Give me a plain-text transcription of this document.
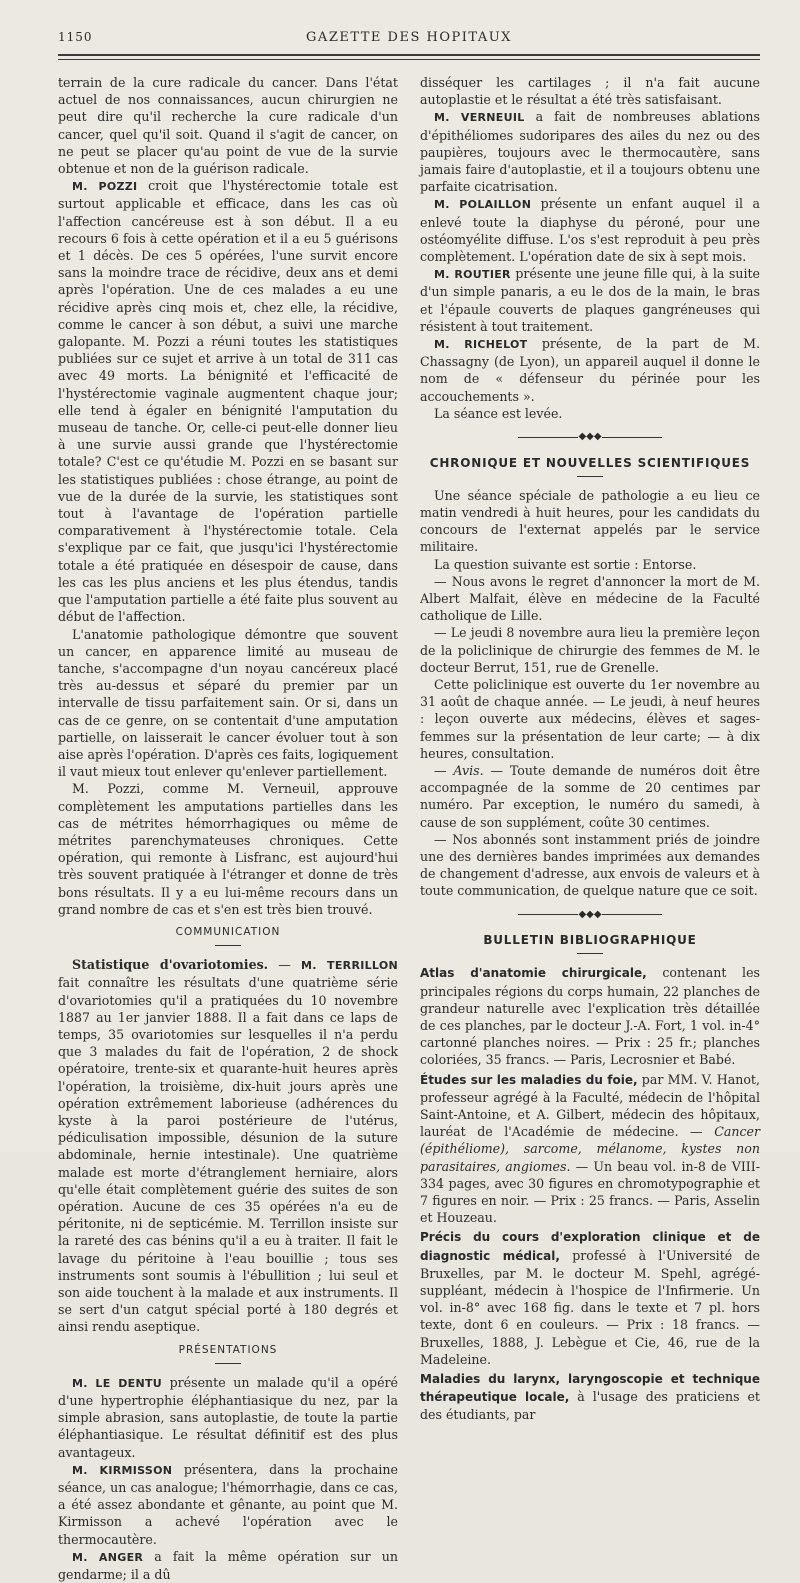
1150	GAZETTE DES HOPITAUX

terrain de la cure radicale du cancer. Dans l'état actuel de nos connaissances, aucun chirurgien ne peut dire qu'il recherche la cure radicale d'un cancer, quel qu'il soit. Quand il s'agit de cancer, on ne peut se placer qu'au point de vue de la survie obtenue et non de la guérison radicale.

M. POZZI croit que l'hystérectomie totale est surtout applicable et efficace, dans les cas où l'affection cancéreuse est à son début. Il a eu recours 6 fois à cette opération et il a eu 5 guérisons et 1 décès. De ces 5 opérées, l'une survit encore sans la moindre trace de récidive, deux ans et demi après l'opération. Une de ces malades a eu une récidive après cinq mois et, chez elle, la récidive, comme le cancer à son début, a suivi une marche galopante. M. Pozzi a réuni toutes les statistiques publiées sur ce sujet et arrive à un total de 311 cas avec 49 morts. La bénignité et l'efficacité de l'hystérectomie vaginale augmentent chaque jour; elle tend à égaler en bénignité l'amputation du museau de tanche. Or, celle-ci peut-elle donner lieu à une survie aussi grande que l'hystérectomie totale? C'est ce qu'étudie M. Pozzi en se basant sur les statistiques publiées : chose étrange, au point de vue de la durée de la survie, les statistiques sont tout à l'avantage de l'opération partielle comparativement à l'hystérectomie totale. Cela s'explique par ce fait, que jusqu'ici l'hystérectomie totale a été pratiquée en désespoir de cause, dans les cas les plus anciens et les plus étendus, tandis que l'amputation partielle a été faite plus souvent au début de l'affection.

L'anatomie pathologique démontre que souvent un cancer, en apparence limité au museau de tanche, s'accompagne d'un noyau cancéreux placé très au-dessus et séparé du premier par un intervalle de tissu parfaitement sain. Or si, dans un cas de ce genre, on se contentait d'une amputation partielle, on laisserait le cancer évoluer tout à son aise après l'opération. D'après ces faits, logiquement il vaut mieux tout enlever qu'enlever partiellement.

M. Pozzi, comme M. Verneuil, approuve complètement les amputations partielles dans les cas de métrites hémorrhagiques ou même de métrites parenchymateuses chroniques. Cette opération, qui remonte à Lisfranc, est aujourd'hui très souvent pratiquée à l'étranger et donne de très bons résultats. Il y a eu lui-même recours dans un grand nombre de cas et s'en est très bien trouvé.

COMMUNICATION

Statistique d'ovariotomies. — M. TERRILLON fait connaître les résultats d'une quatrième série d'ovariotomies qu'il a pratiquées du 10 novembre 1887 au 1er janvier 1888. Il a fait dans ce laps de temps, 35 ovariotomies sur lesquelles il n'a perdu que 3 malades du fait de l'opération, 2 de shock opératoire, trente-six et quarante-huit heures après l'opération, la troisième, dix-huit jours après une opération extrêmement laborieuse (adhérences du kyste à la paroi postérieure de l'utérus, pédiculisation impossible, désunion de la suture abdominale, hernie intestinale). Une quatrième malade est morte d'étranglement herniaire, alors qu'elle était complètement guérie des suites de son opération. Aucune de ces 35 opérées n'a eu de péritonite, ni de septicémie. M. Terrillon insiste sur la rareté des cas bénins qu'il a eu à traiter. Il fait le lavage du péritoine à l'eau bouillie ; tous ses instruments sont soumis à l'ébullition ; lui seul et son aide touchent à la malade et aux instruments. Il se sert d'un catgut spécial porté à 180 degrés et ainsi rendu aseptique.

PRÉSENTATIONS

M. LE DENTU présente un malade qu'il a opéré d'une hypertrophie éléphantiasique du nez, par la simple abrasion, sans autoplastie, de toute la partie éléphantiasique. Le résultat définitif est des plus avantageux.

M. KIRMISSON présentera, dans la prochaine séance, un cas analogue; l'hémorrhagie, dans ce cas, a été assez abondante et gênante, au point que M. Kirmisson a achevé l'opération avec le thermocautère.

M. ANGER a fait la même opération sur un gendarme; il a dû

disséquer les cartilages ; il n'a fait aucune autoplastie et le résultat a été très satisfaisant.

M. VERNEUIL a fait de nombreuses ablations d'épithéliomes sudoripares des ailes du nez ou des paupières, toujours avec le thermocautère, sans jamais faire d'autoplastie, et il a toujours obtenu une parfaite cicatrisation.

M. POLAILLON présente un enfant auquel il a enlevé toute la diaphyse du péroné, pour une ostéomyélite diffuse. L'os s'est reproduit à peu près complètement. L'opération date de six à sept mois.

M. ROUTIER présente une jeune fille qui, à la suite d'un simple panaris, a eu le dos de la main, le bras et l'épaule couverts de plaques gangréneuses qui résistent à tout traitement.

M. RICHELOT présente, de la part de M. Chassagny (de Lyon), un appareil auquel il donne le nom de « défenseur du périnée pour les accouchements ».

La séance est levée.

◆◆◆
CHRONIQUE ET NOUVELLES SCIENTIFIQUES

Une séance spéciale de pathologie a eu lieu ce matin vendredi à huit heures, pour les candidats du concours de l'externat appelés par le service militaire.

La question suivante est sortie : Entorse.

— Nous avons le regret d'annoncer la mort de M. Albert Malfait, élève en médecine de la Faculté catholique de Lille.

— Le jeudi 8 novembre aura lieu la première leçon de la policlinique de chirurgie des femmes de M. le docteur Berrut, 151, rue de Grenelle.

Cette policlinique est ouverte du 1er novembre au 31 août de chaque année. — Le jeudi, à neuf heures : leçon ouverte aux médecins, élèves et sages-femmes sur la présentation de leur carte; — à dix heures, consultation.

— Avis. — Toute demande de numéros doit être accompagnée de la somme de 20 centimes par numéro. Par exception, le numéro du samedi, à cause de son supplément, coûte 30 centimes.

— Nos abonnés sont instamment priés de joindre une des dernières bandes imprimées aux demandes de changement d'adresse, aux envois de valeurs et à toute communication, de quelque nature que ce soit.

◆◆◆
BULLETIN BIBLIOGRAPHIQUE

Atlas d'anatomie chirurgicale, contenant les principales régions du corps humain, 22 planches de grandeur naturelle avec l'explication très détaillée de ces planches, par le docteur J.-A. Fort, 1 vol. in-4° cartonné planches noires. — Prix : 25 fr.; planches coloriées, 35 francs. — Paris, Lecrosnier et Babé.

Études sur les maladies du foie, par MM. V. Hanot, professeur agrégé à la Faculté, médecin de l'hôpital Saint-Antoine, et A. Gilbert, médecin des hôpitaux, lauréat de l'Académie de médecine. — Cancer (épithéliome), sarcome, mélanome, kystes non parasitaires, angiomes. — Un beau vol. in-8 de VIII-334 pages, avec 30 figures en chromotypographie et 7 figures en noir. — Prix : 25 francs. — Paris, Asselin et Houzeau.

Précis du cours d'exploration clinique et de diagnostic médical, professé à l'Université de Bruxelles, par M. le docteur M. Spehl, agrégé-suppléant, médecin à l'hospice de l'Infirmerie. Un vol. in-8° avec 168 fig. dans le texte et 7 pl. hors texte, dont 6 en couleurs. — Prix : 18 francs. — Bruxelles, 1888, J. Lebègue et Cie, 46, rue de la Madeleine.

Maladies du larynx, laryngoscopie et technique thérapeutique locale, à l'usage des praticiens et des étudiants, par
